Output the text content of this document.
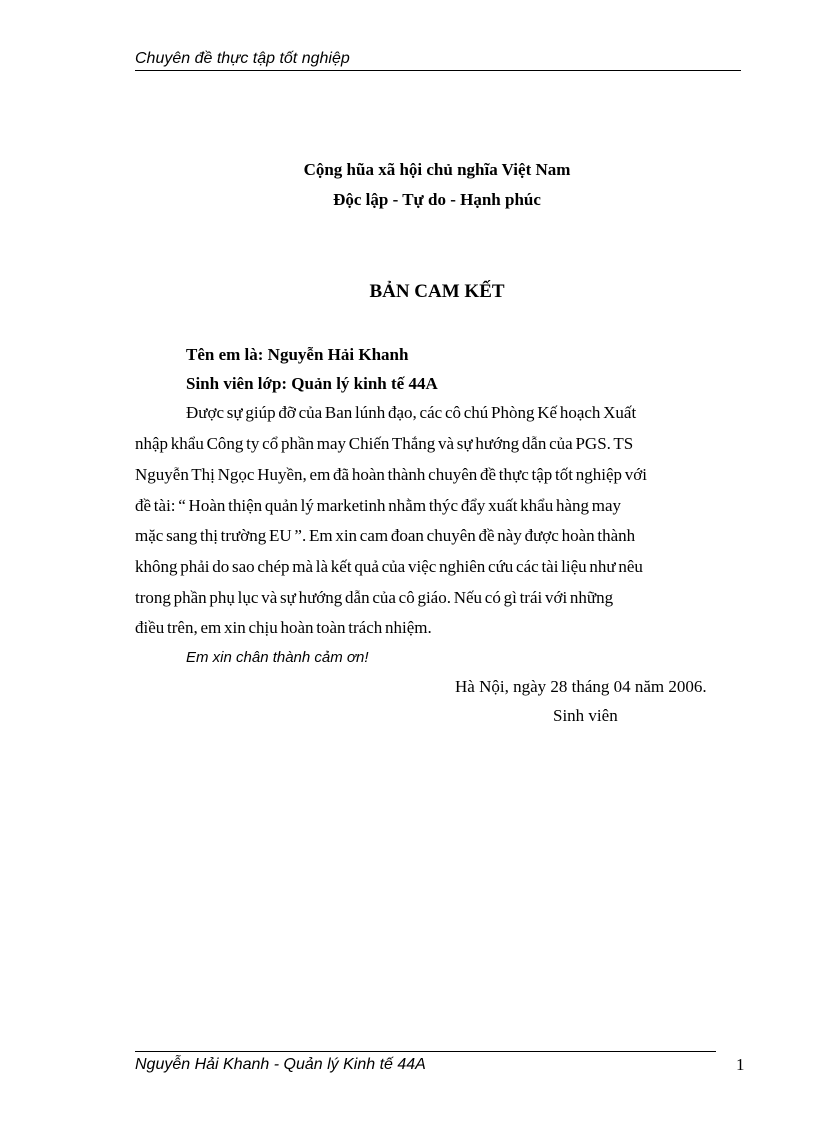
Chuyên đề thực tập tốt nghiệp
Cộng hũa xã hội chủ nghĩa Việt Nam
Độc lập - Tự do - Hạnh phúc
BẢN CAM KẾT
Tên em là: Nguyễn Hải Khanh
Sinh viên lớp: Quản lý kinh tế 44A
Được sự giúp đỡ của Ban lúnh đạo, các cô chú Phòng Kế hoạch Xuất
nhập khẩu Công ty cổ phần may Chiến Thắng và sự hướng dẫn của PGS. TS
Nguyễn Thị Ngọc Huyền, em đã hoàn thành chuyên đề thực tập tốt nghiệp với
đề tài: “ Hoàn thiện quản lý marketinh nhằm thýc đẩy xuất khẩu hàng may
mặc sang thị trường EU ”. Em xin cam đoan chuyên đề này được hoàn thành
không phải do sao chép mà là kết quả của việc nghiên cứu các tài liệu như nêu
trong phần phụ lục và sự hướng dẫn của cô giáo. Nếu có gì trái với những
điều trên, em xin chịu hoàn toàn trách nhiệm.
Em xin chân thành cảm ơn!
Hà Nội, ngày 28 tháng 04 năm 2006.
Sinh viên
Nguyễn Hải Khanh - Quản lý Kinh tế 44A	1
